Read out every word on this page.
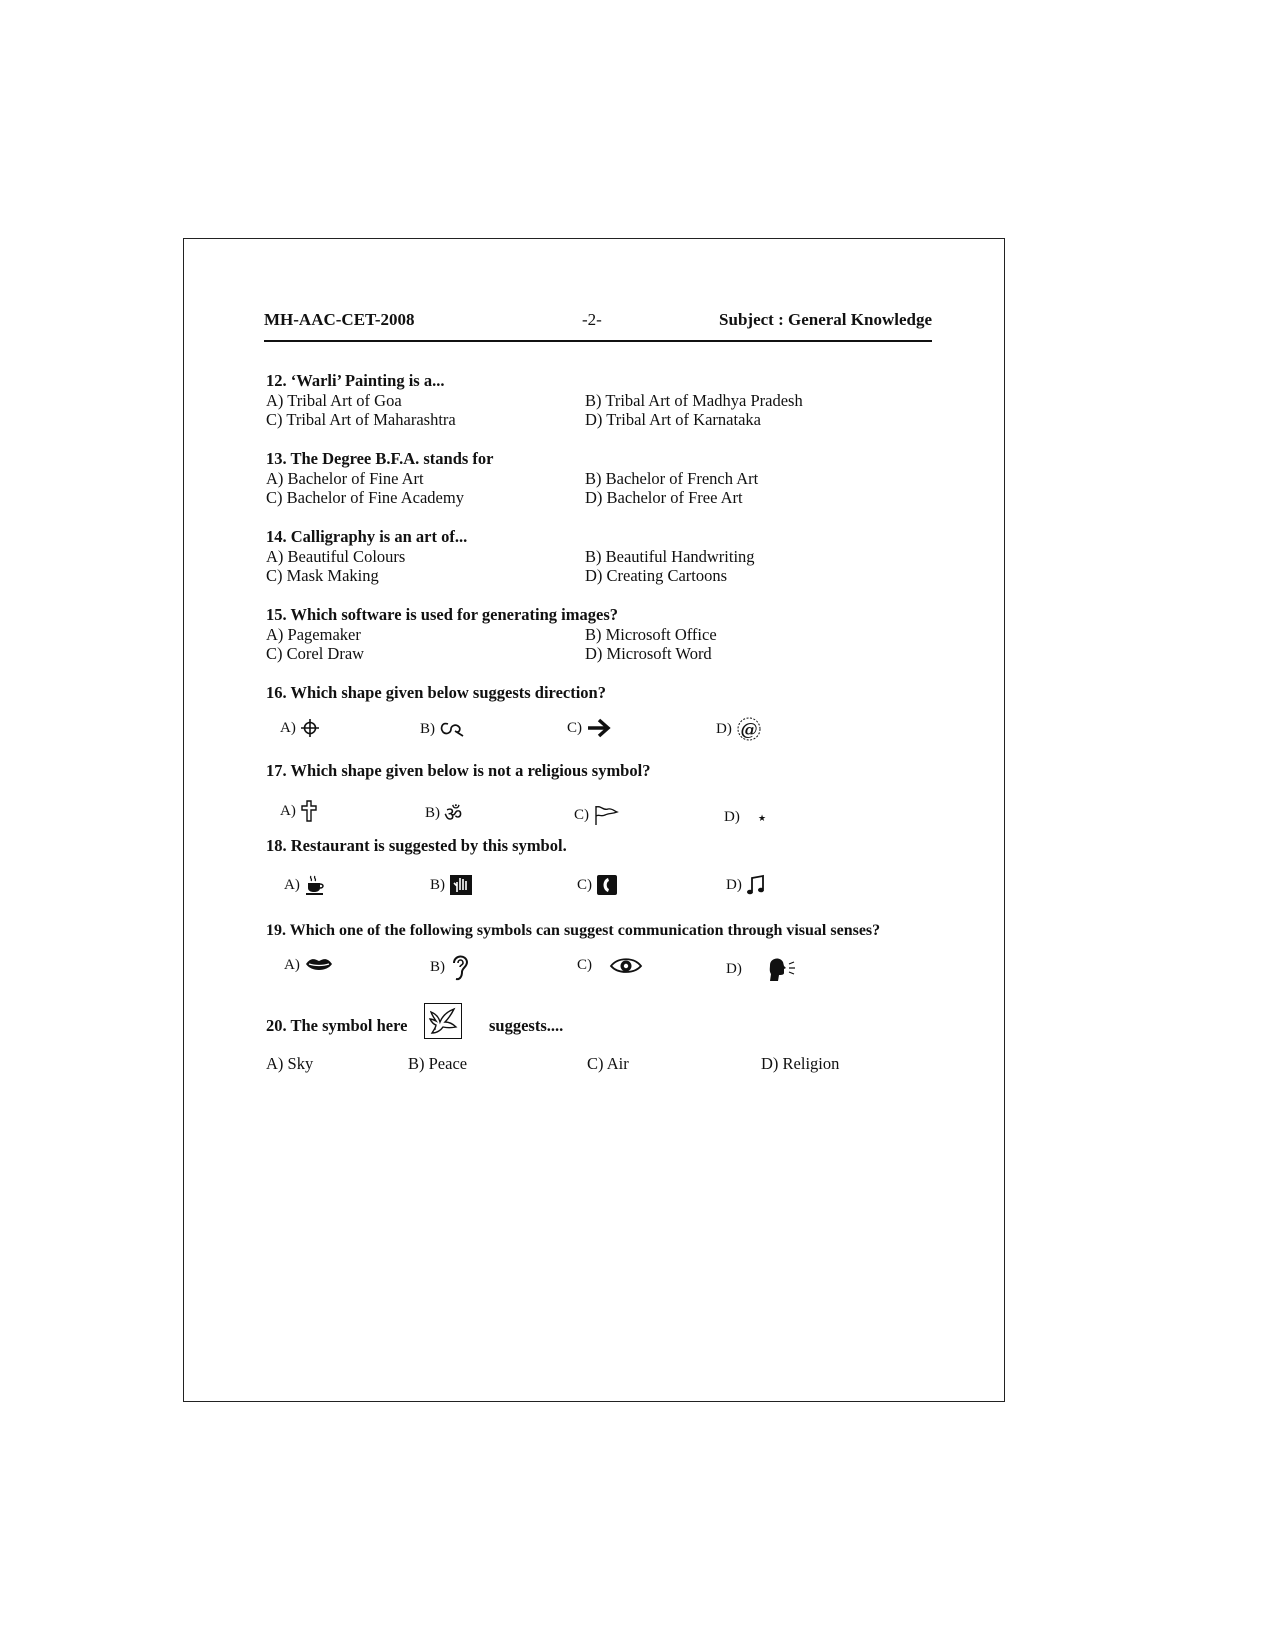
MH-AAC-CET-2008	-2-	Subject : General Knowledge
12. ‘Warli’ Painting is a...
A) Tribal Art of Goa	B) Tribal Art of Madhya Pradesh
C) Tribal Art of Maharashtra	D) Tribal Art of Karnataka
13. The Degree B.F.A. stands for
A) Bachelor of Fine Art	B) Bachelor of French Art
C) Bachelor of Fine Academy	D) Bachelor of Free Art
14. Calligraphy is an art of...
A) Beautiful Colours	B) Beautiful Handwriting
C) Mask Making	D) Creating Cartoons
15. Which software is used for generating images?
A) Pagemaker	B) Microsoft Office
C) Corel Draw	D) Microsoft Word
16. Which shape given below suggests direction?
A)	B)	C)	D) @
17. Which shape given below is not a religious symbol?
A)	B) ॐ	C)	D) ★
18. Restaurant is suggested by this symbol.
A)	B)	C)	D)
19. Which one of the following symbols can suggest communication through visual senses?
A)	B)	C)	D)
20. The symbol here	suggests....
A) Sky	B) Peace	C) Air	D) Religion
